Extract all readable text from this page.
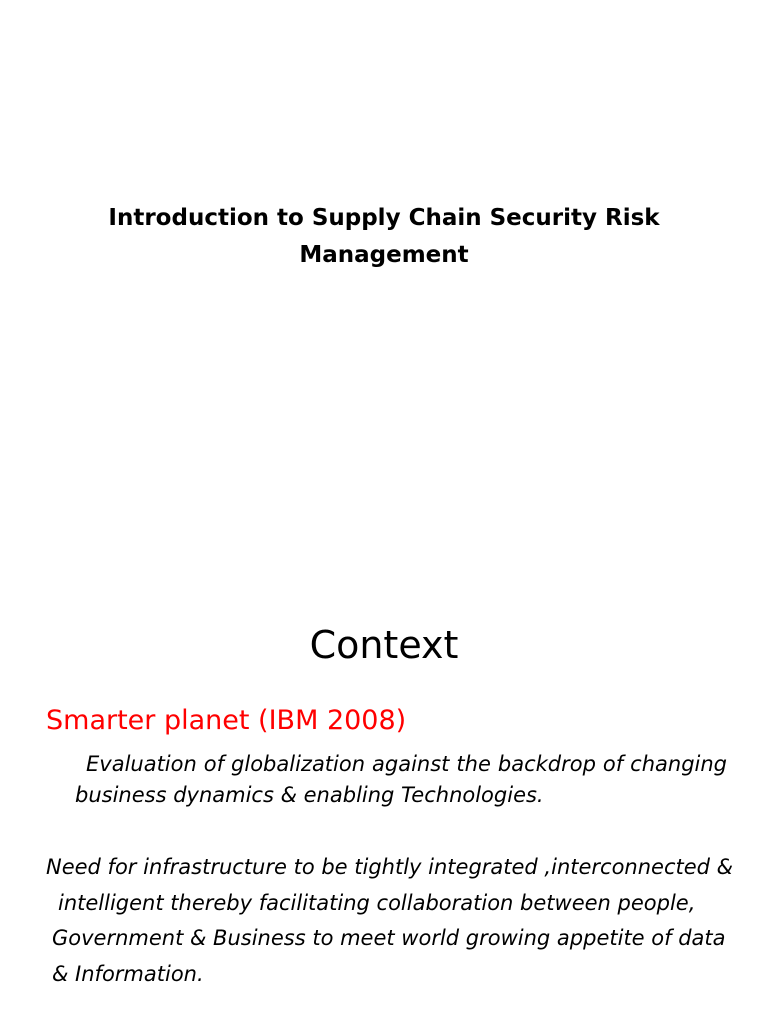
Introduction to Supply Chain Security Risk
Management
Context
Smarter planet (IBM 2008)
Evaluation of globalization against the backdrop of changing
business dynamics & enabling Technologies.
Need for infrastructure to be tightly integrated ,interconnected &
intelligent thereby facilitating collaboration between people,
Government & Business to meet world growing appetite of data
& Information.
